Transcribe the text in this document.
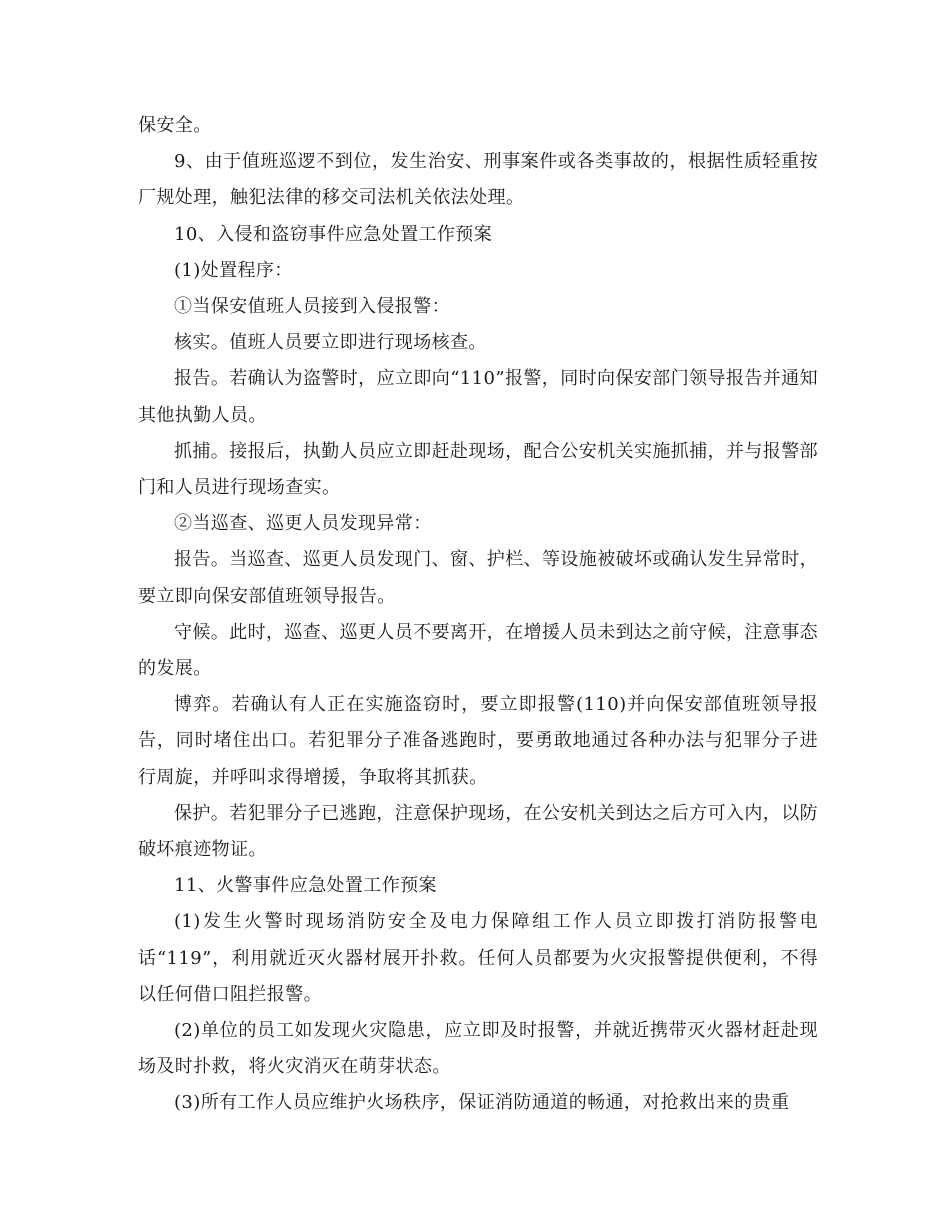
保安全。

9、由于值班巡逻不到位，发生治安、刑事案件或各类事故的，根据性质轻重按厂规处理，触犯法律的移交司法机关依法处理。

10、入侵和盗窃事件应急处置工作预案

(1)处置程序：

①当保安值班人员接到入侵报警：

核实。值班人员要立即进行现场核查。

报告。若确认为盗警时，应立即向“110”报警，同时向保安部门领导报告并通知其他执勤人员。

抓捕。接报后，执勤人员应立即赶赴现场，配合公安机关实施抓捕，并与报警部门和人员进行现场查实。

②当巡查、巡更人员发现异常：

报告。当巡查、巡更人员发现门、窗、护栏、等设施被破坏或确认发生异常时，要立即向保安部值班领导报告。

守候。此时，巡查、巡更人员不要离开，在增援人员未到达之前守候，注意事态的发展。

博弈。若确认有人正在实施盗窃时，要立即报警(110)并向保安部值班领导报告，同时堵住出口。若犯罪分子准备逃跑时，要勇敢地通过各种办法与犯罪分子进行周旋，并呼叫求得增援，争取将其抓获。

保护。若犯罪分子已逃跑，注意保护现场，在公安机关到达之后方可入内，以防破坏痕迹物证。

11、火警事件应急处置工作预案

(1)发生火警时现场消防安全及电力保障组工作人员立即拨打消防报警电话“119”，利用就近灭火器材展开扑救。任何人员都要为火灾报警提供便利，不得以任何借口阻拦报警。

(2)单位的员工如发现火灾隐患，应立即及时报警，并就近携带灭火器材赶赴现场及时扑救，将火灾消灭在萌芽状态。

(3)所有工作人员应维护火场秩序，保证消防通道的畅通，对抢救出来的贵重
